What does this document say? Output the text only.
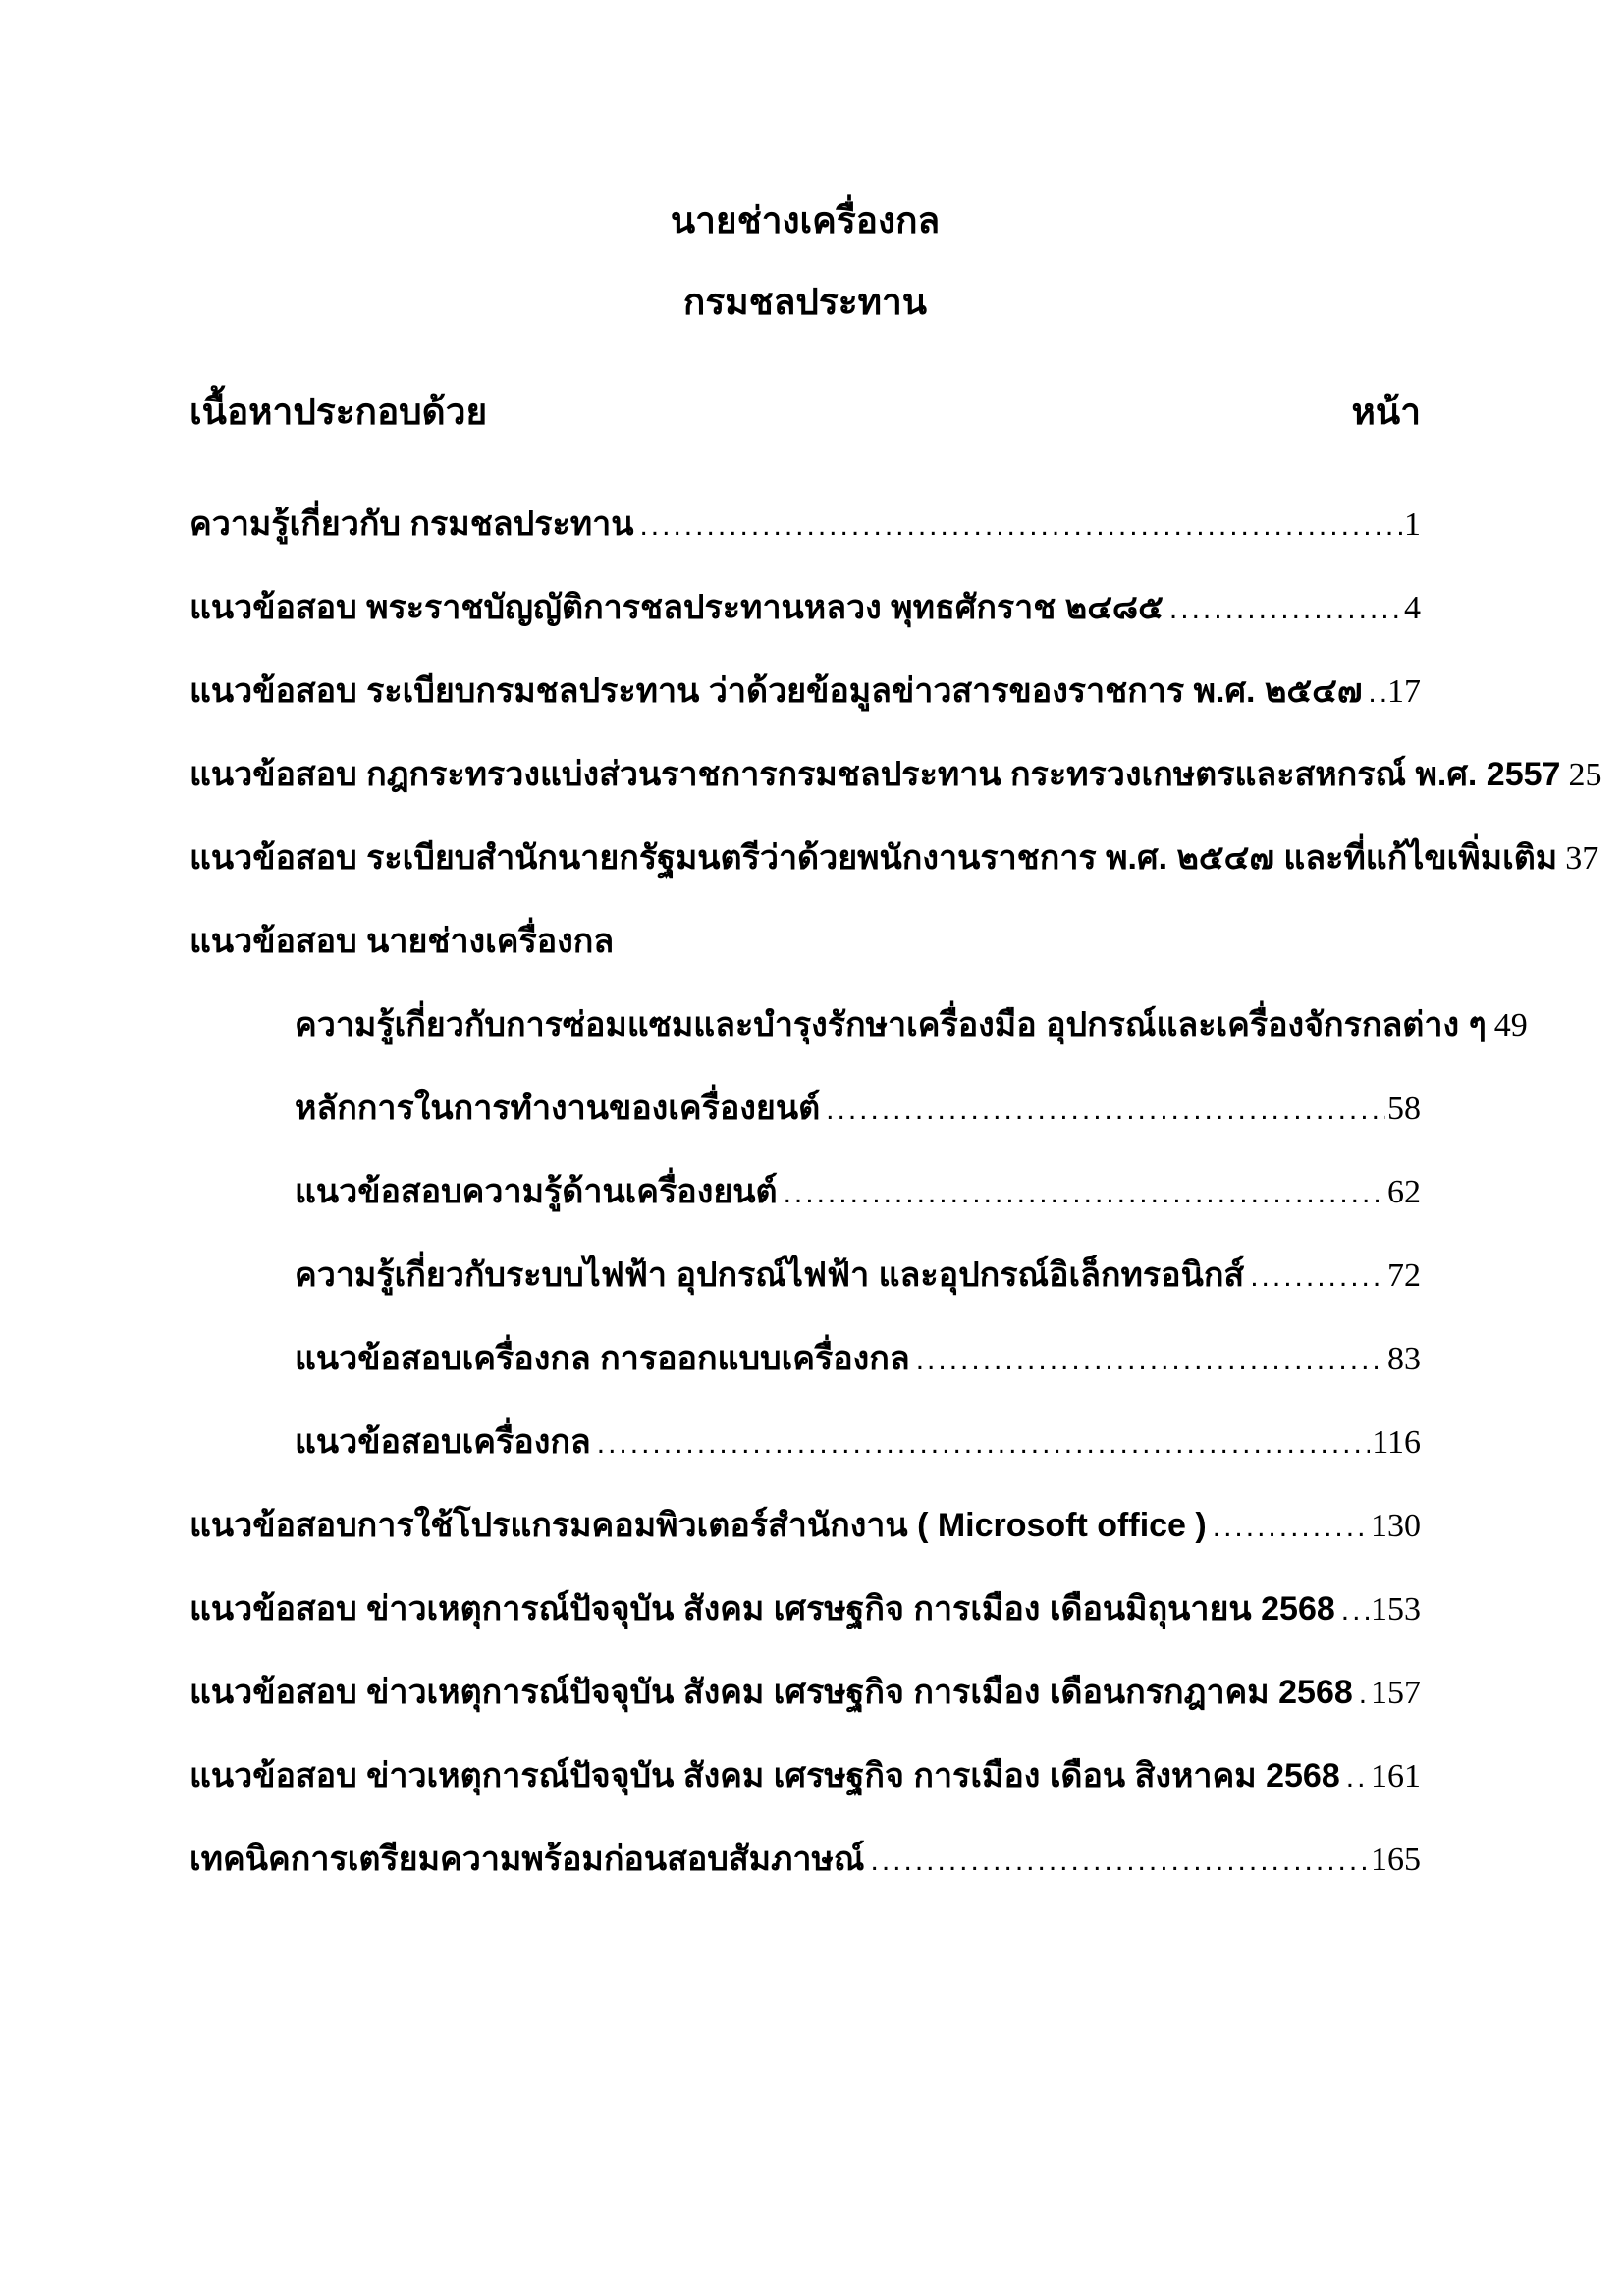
นายช่างเครื่องกล
กรมชลประทาน
เนื้อหาประกอบด้วย	หน้า
ความรู้เกี่ยวกับ กรมชลประทาน .....	1
แนวข้อสอบ พระราชบัญญัติการชลประทานหลวง พุทธศักราช ๒๔๘๕ .....	4
แนวข้อสอบ ระเบียบกรมชลประทาน ว่าด้วยข้อมูลข่าวสารของราชการ พ.ศ. ๒๕๔๗ ..... 17
แนวข้อสอบ กฎกระทรวงแบ่งส่วนราชการกรมชลประทาน กระทรวงเกษตรและสหกรณ์ พ.ศ. 2557 25
แนวข้อสอบ ระเบียบสำนักนายกรัฐมนตรีว่าด้วยพนักงานราชการ พ.ศ. ๒๕๔๗ และที่แก้ไขเพิ่มเติม 37
แนวข้อสอบ นายช่างเครื่องกล
ความรู้เกี่ยวกับการซ่อมแซมและบำรุงรักษาเครื่องมือ อุปกรณ์และเครื่องจักรกลต่าง ๆ 49
หลักการในการทำงานของเครื่องยนต์ .....	58
แนวข้อสอบความรู้ด้านเครื่องยนต์ .....	62
ความรู้เกี่ยวกับระบบไฟฟ้า อุปกรณ์ไฟฟ้า และอุปกรณ์อิเล็กทรอนิกส์ .....	72
แนวข้อสอบเครื่องกล การออกแบบเครื่องกล .....	83
แนวข้อสอบเครื่องกล .....	116
แนวข้อสอบการใช้โปรแกรมคอมพิวเตอร์สำนักงาน ( Microsoft office ) .....	130
แนวข้อสอบ ข่าวเหตุการณ์ปัจจุบัน สังคม เศรษฐกิจ การเมือง เดือนมิถุนายน 2568 ..... 153
แนวข้อสอบ ข่าวเหตุการณ์ปัจจุบัน สังคม เศรษฐกิจ การเมือง เดือนกรกฎาคม 2568 ..... 157
แนวข้อสอบ ข่าวเหตุการณ์ปัจจุบัน สังคม เศรษฐกิจ การเมือง เดือน สิงหาคม 2568 ..... 161
เทคนิคการเตรียมความพร้อมก่อนสอบสัมภาษณ์ .....	165
